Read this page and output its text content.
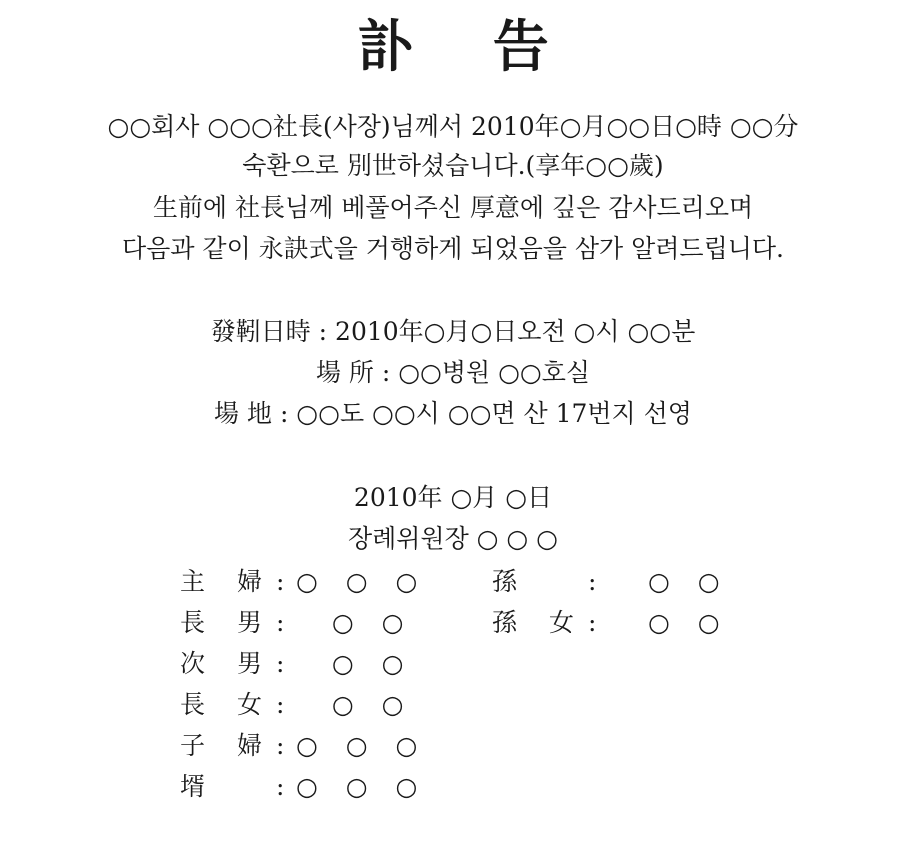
訃 告
○○회사 ○○○社長(사장)님께서 2010年○月○○日○時 ○○分
숙환으로 別世하셨습니다.(享年○○歲)
生前에 社長님께 베풀어주신 厚意에 깊은 감사드리오며
다음과 같이 永訣式을 거행하게 되었음을 삼가 알려드립니다.
發靷日時 : 2010年○月○日오전 ○시 ○○분
場 所 : ○○병원 ○○호실
場 地 : ○○도 ○○시 ○○면 산 17번지 선영
2010年 ○月 ○日
장례위원장 ○ ○ ○
主 婦 : ○ ○ ○
長 男 : ○ ○
次 男 : ○ ○
長 女 : ○ ○
子 婦 : ○ ○ ○
壻	: ○ ○ ○
孫	: ○ ○
孫 女 : ○ ○
